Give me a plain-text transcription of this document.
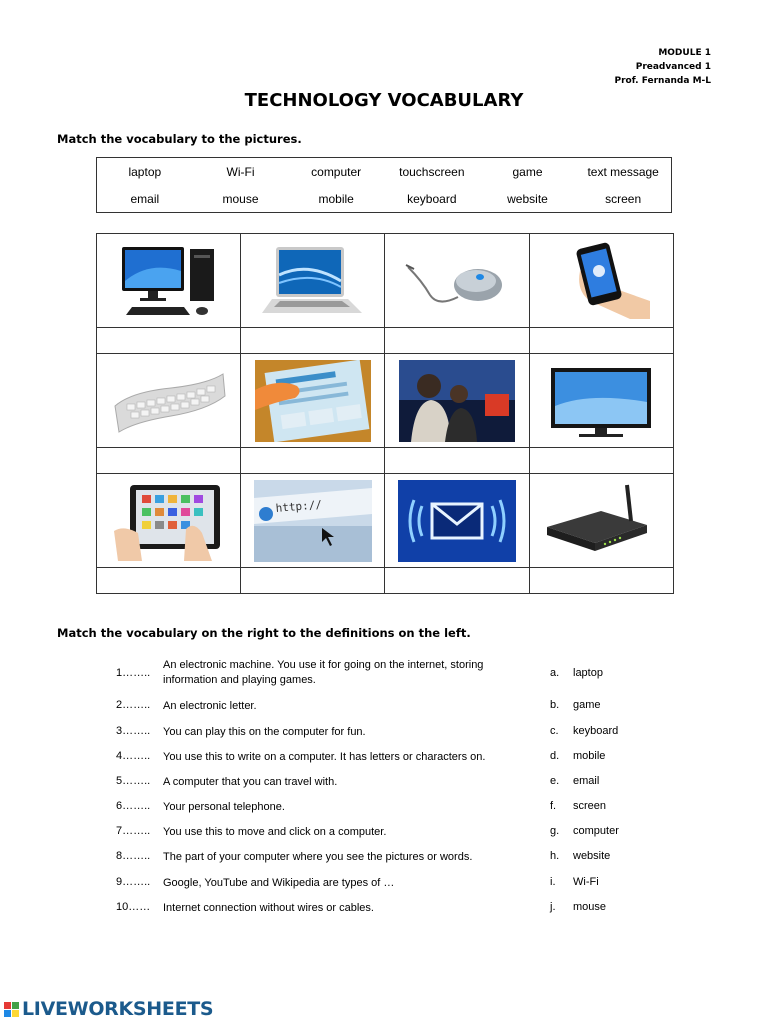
MODULE 1
Preadvanced 1
Prof. Fernanda M-L
TECHNOLOGY VOCABULARY
Match the vocabulary to the pictures.
laptop	Wi-Fi	computer	touchscreen	game	text message
email	mouse	mobile	keyboard	website	screen

http://

Match the vocabulary on the right to the definitions on the left.
1……..
An electronic machine. You use it for going on the internet, storing information and playing games.
a. laptop
2…….. An electronic letter.	b. game
3…….. You can play this on the computer for fun.	c. keyboard
4…….. You use this to write on a computer. It has letters or characters on.	d. mobile
5…….. A computer that you can travel with.	e. email
6…….. Your personal telephone.	f. screen
7…….. You use this to move and click on a computer.	g. computer
8…….. The part of your computer where you see the pictures or words.	h. website
9…….. Google, YouTube and Wikipedia are types of …	i. Wi-Fi
10…… Internet connection without wires or cables.	j. mouse
LIVEWORKSHEETS
